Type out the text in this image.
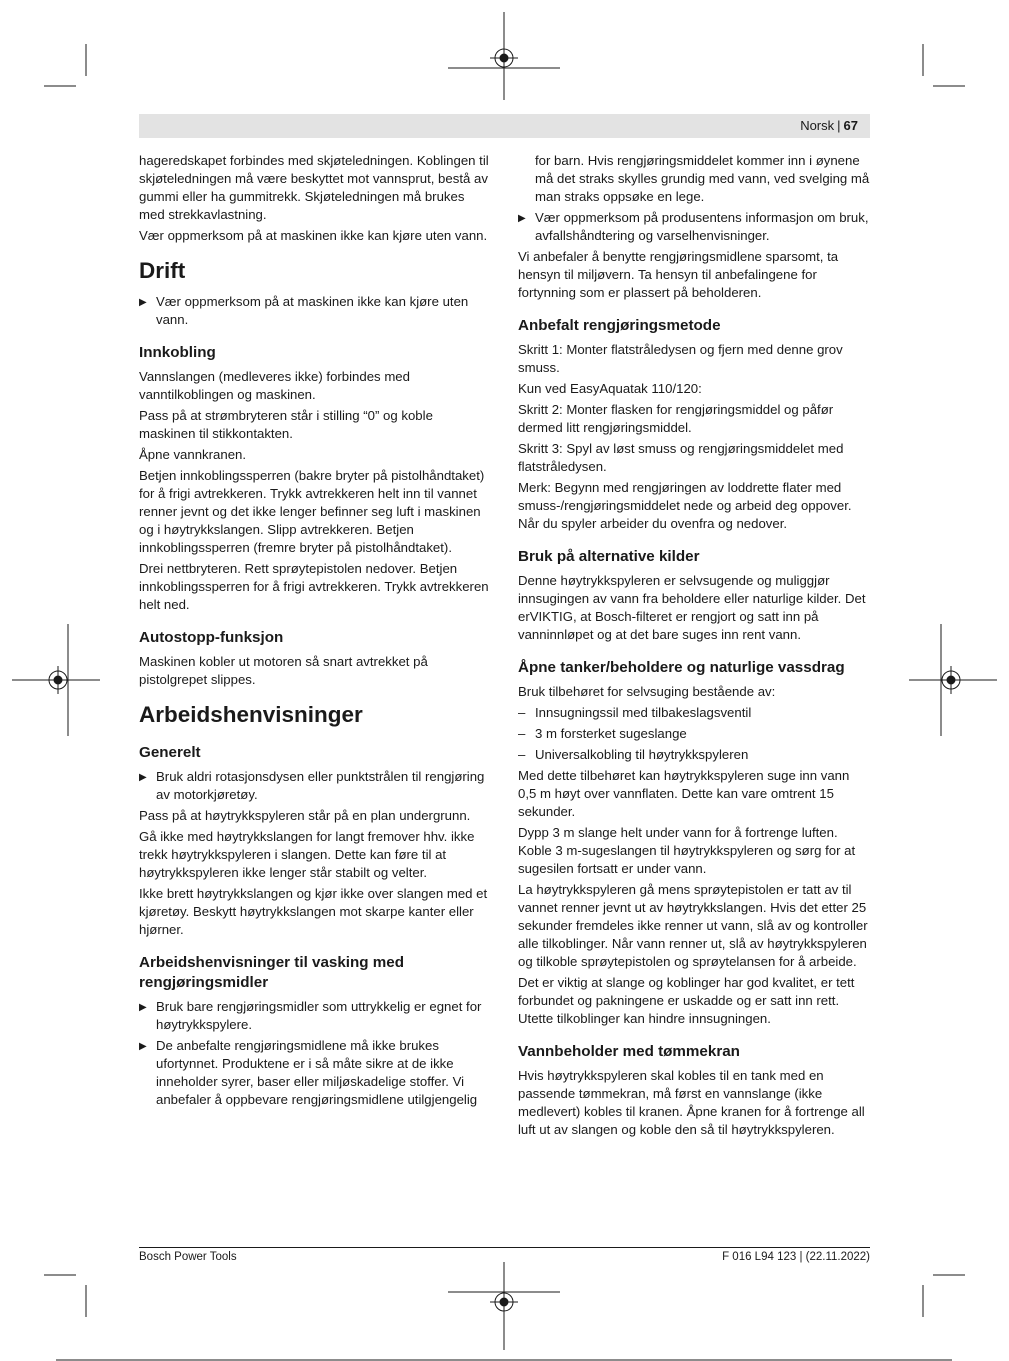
Norsk | 67

hageredskapet forbindes med skjøteledningen. Koblingen til skjøteledningen må være beskyttet mot vannsprut, bestå av gummi eller ha gummitrekk. Skjøteledningen må brukes med strekkavlastning.

Vær oppmerksom på at maskinen ikke kan kjøre uten vann.

Drift
▶ Vær oppmerksom på at maskinen ikke kan kjøre uten vann.
Innkobling

Vannslangen (medleveres ikke) forbindes med vanntilkoblingen og maskinen.

Pass på at strømbryteren står i stilling “0” og koble maskinen til stikkontakten.

Åpne vannkranen.

Betjen innkoblingssperren (bakre bryter på pistolhåndtaket) for å frigi avtrekkeren. Trykk avtrekkeren helt inn til vannet renner jevnt og det ikke lenger befinner seg luft i maskinen og i høytrykkslangen. Slipp avtrekkeren. Betjen innkoblingssperren (fremre bryter på pistolhåndtaket).

Drei nettbryteren. Rett sprøytepistolen nedover. Betjen innkoblingssperren for å frigi avtrekkeren. Trykk avtrekkeren helt ned.

Autostopp-funksjon

Maskinen kobler ut motoren så snart avtrekket på pistolgrepet slippes.

Arbeidshenvisninger
Generelt
▶ Bruk aldri rotasjonsdysen eller punktstrålen til rengjøring av motorkjøretøy.

Pass på at høytrykkspyleren står på en plan undergrunn.

Gå ikke med høytrykkslangen for langt fremover hhv. ikke trekk høytrykkspyleren i slangen. Dette kan føre til at høytrykkspyleren ikke lenger står stabilt og velter.

Ikke brett høytrykkslangen og kjør ikke over slangen med et kjøretøy. Beskytt høytrykkslangen mot skarpe kanter eller hjørner.

Arbeidshenvisninger til vasking med rengjøringsmidler
▶ Bruk bare rengjøringsmidler som uttrykkelig er egnet for høytrykkspylere.
▶ De anbefalte rengjøringsmidlene må ikke brukes ufortynnet. Produktene er i så måte sikre at de ikke inneholder syrer, baser eller miljøskadelige stoffer. Vi anbefaler å oppbevare rengjøringsmidlene utilgjengelig

for barn. Hvis rengjøringsmiddelet kommer inn i øynene må det straks skylles grundig med vann, ved svelging må man straks oppsøke en lege.

▶ Vær oppmerksom på produsentens informasjon om bruk, avfallshåndtering og varselhenvisninger.

Vi anbefaler å benytte rengjøringsmidlene sparsomt, ta hensyn til miljøvern. Ta hensyn til anbefalingene for fortynning som er plassert på beholderen.

Anbefalt rengjøringsmetode

Skritt 1: Monter flatstråledysen og fjern med denne grov smuss.

Kun ved EasyAquatak 110/120:

Skritt 2: Monter flasken for rengjøringsmiddel og påfør dermed litt rengjøringsmiddel.

Skritt 3: Spyl av løst smuss og rengjøringsmiddelet med flatstråledysen.

Merk: Begynn med rengjøringen av loddrette flater med smuss-/rengjøringsmiddelet nede og arbeid deg oppover. Når du spyler arbeider du ovenfra og nedover.

Bruk på alternative kilder

Denne høytrykkspyleren er selvsugende og muliggjør innsugingen av vann fra beholdere eller naturlige kilder. Det erVIKTIG, at Bosch-filteret er rengjort og satt inn på vanninnløpet og at det bare suges inn rent vann.

Åpne tanker/beholdere og naturlige vassdrag

Bruk tilbehøret for selvsuging bestående av:

– Innsugningssil med tilbakeslagsventil
– 3 m forsterket sugeslange
– Universalkobling til høytrykkspyleren

Med dette tilbehøret kan høytrykkspyleren suge inn vann 0,5 m høyt over vannflaten. Dette kan vare omtrent 15 sekunder.

Dypp 3 m slange helt under vann for å fortrenge luften. Koble 3 m-sugeslangen til høytrykkspyleren og sørg for at sugesilen fortsatt er under vann.

La høytrykkspyleren gå mens sprøytepistolen er tatt av til vannet renner jevnt ut av høytrykkslangen. Hvis det etter 25 sekunder fremdeles ikke renner ut vann, slå av og kontroller alle tilkoblinger. Når vann renner ut, slå av høytrykkspyleren og tilkoble sprøytepistolen og sprøytelansen for å arbeide.

Det er viktig at slange og koblinger har god kvalitet, er tett forbundet og pakningene er uskadde og er satt inn rett. Utette tilkoblinger kan hindre innsugningen.

Vannbeholder med tømmekran

Hvis høytrykkspyleren skal kobles til en tank med en passende tømmekran, må først en vannslange (ikke medlevert) kobles til kranen. Åpne kranen for å fortrenge all luft ut av slangen og koble den så til høytrykkspyleren.

Bosch Power Tools	F 016 L94 123 | (22.11.2022)
